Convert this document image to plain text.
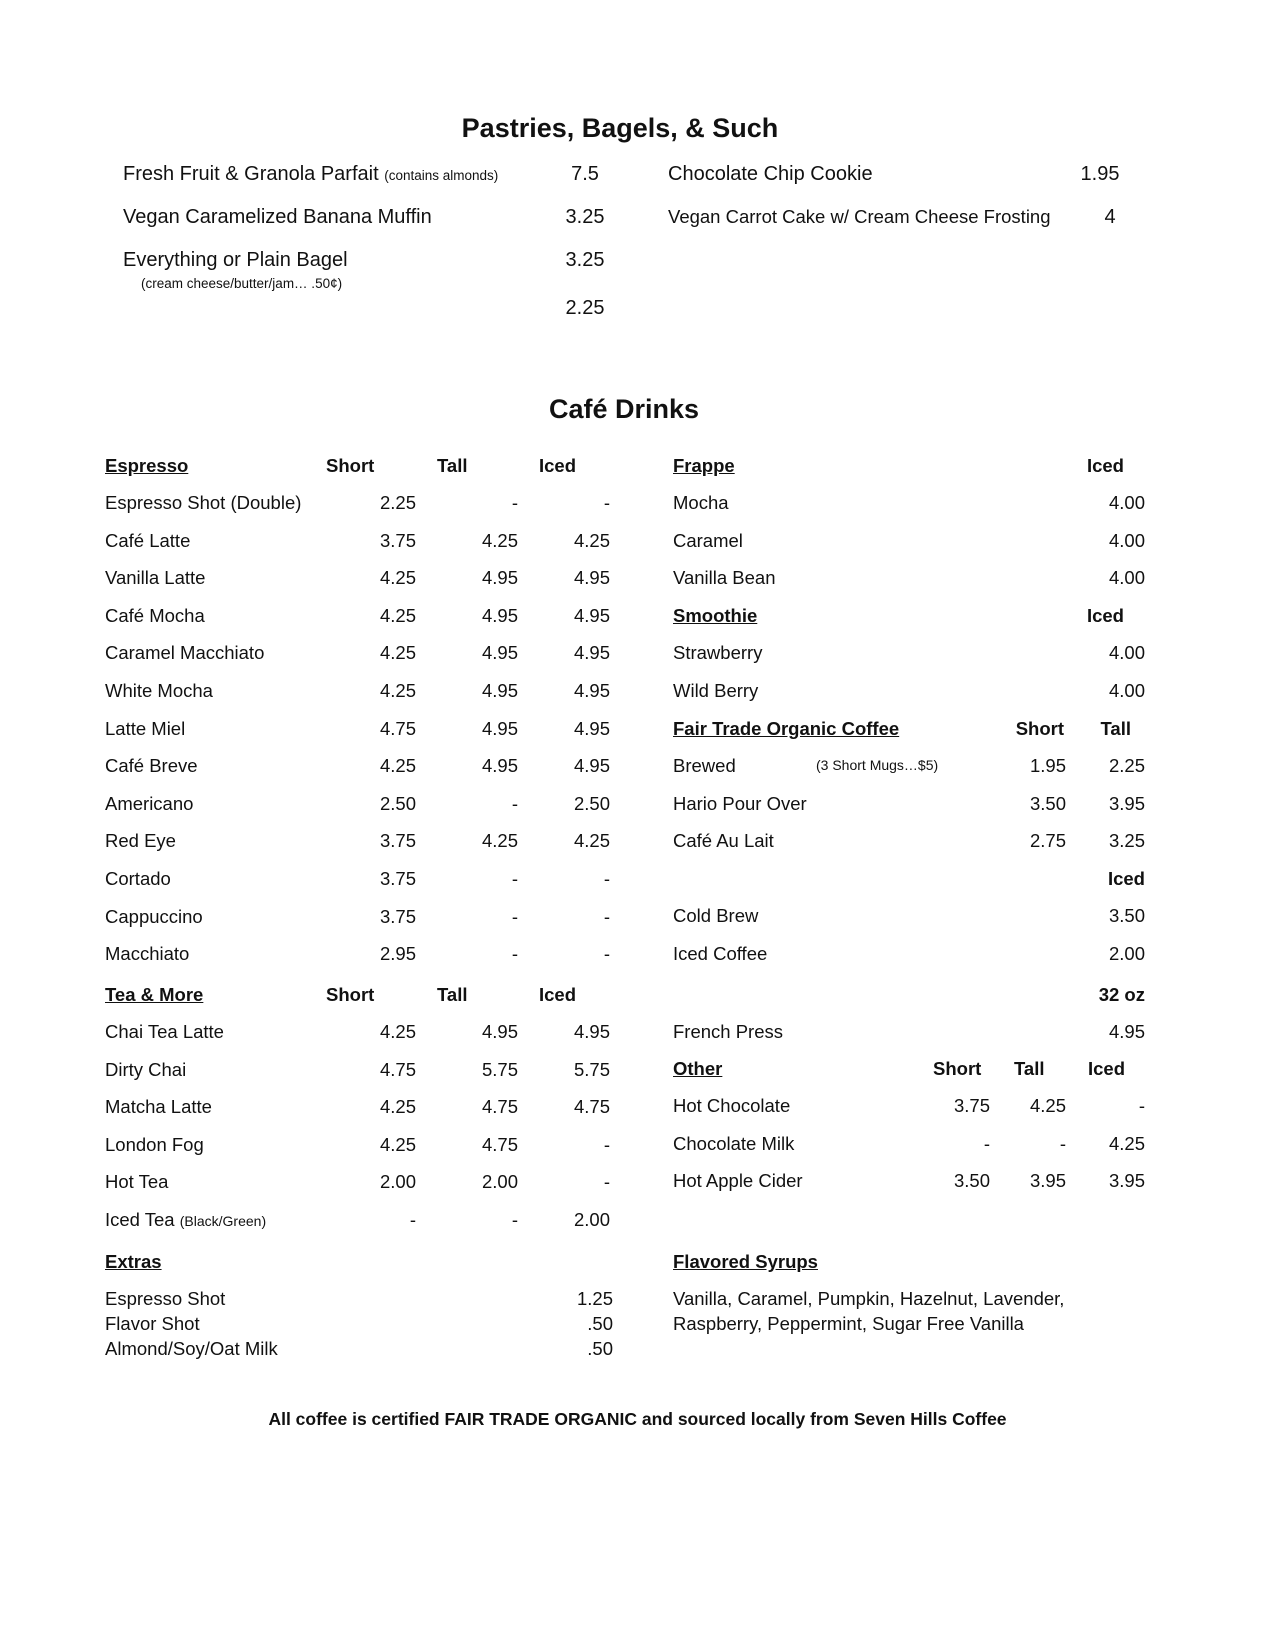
Pastries, Bagels, & Such
Fresh Fruit & Granola Parfait (contains almonds)	7.5
Vegan Caramelized Banana Muffin	3.25
Everything or Plain Bagel	3.25
(cream cheese/butter/jam… .50¢)
2.25
Chocolate Chip Cookie	1.95
Vegan Carrot Cake w/ Cream Cheese Frosting	4
Café Drinks
Extras
Espresso Shot	1.25
Flavor Shot	.50
Almond/Soy/Oat Milk	.50
Flavored Syrups
Vanilla, Caramel, Pumpkin, Hazelnut, Lavender,
Raspberry, Peppermint, Sugar Free Vanilla
All coffee is certified FAIR TRADE ORGANIC and sourced locally from Seven Hills Coffee
Espresso	Short	Tall	Iced
Espresso Shot (Double)	2.25	-	-
Café Latte	3.75	4.25	4.25
Vanilla Latte	4.25	4.95	4.95
Café Mocha	4.25	4.95	4.95
Caramel Macchiato	4.25	4.95	4.95
White Mocha	4.25	4.95	4.95
Latte Miel	4.75	4.95	4.95
Café Breve	4.25	4.95	4.95
Americano	2.50	-	2.50
Red Eye	3.75	4.25	4.25
Cortado	3.75	-	-
Cappuccino	3.75	-	-
Macchiato	2.95	-	-
Tea & More	Short	Tall	Iced
Chai Tea Latte	4.25	4.95	4.95
Dirty Chai	4.75	5.75	5.75
Matcha Latte	4.25	4.75	4.75
London Fog	4.25	4.75	-
Hot Tea	2.00	2.00	-
Iced Tea (Black/Green)	-	-	2.00
Frappe	Iced
Mocha	4.00
Caramel	4.00
Vanilla Bean	4.00
Smoothie	Iced
Strawberry	4.00
Wild Berry	4.00
Fair Trade Organic Coffee	Short	Tall
Brewed	(3 Short Mugs…$5)	1.95	2.25
Hario Pour Over	3.50	3.95
Café Au Lait	2.75	3.25
Iced
Cold Brew	3.50
Iced Coffee	2.00
32 oz
French Press	4.95
Other	Short Tall Iced
Hot Chocolate	3.75	4.25	-
Chocolate Milk	-	-	4.25
Hot Apple Cider	3.50	3.95	3.95
